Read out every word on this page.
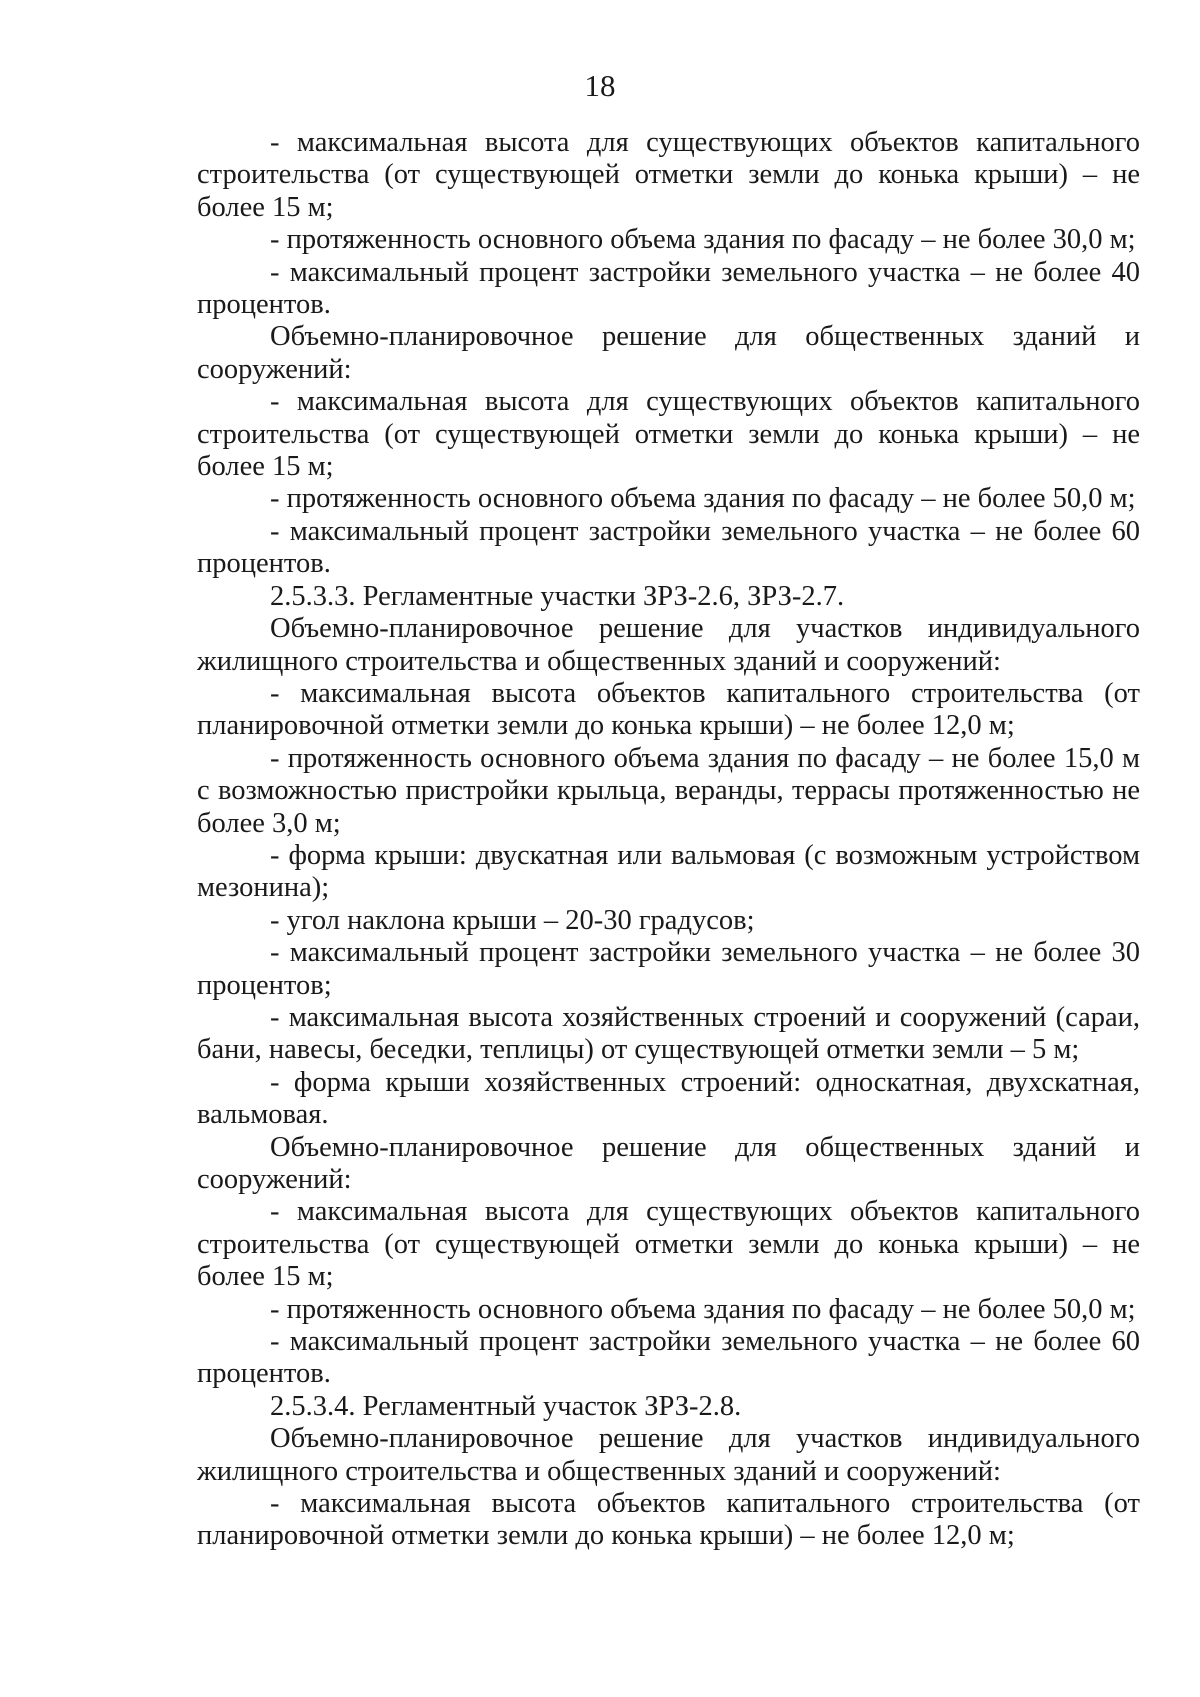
18

- максимальная высота для существующих объектов капитального строительства (от существующей отметки земли до конька крыши) – не более 15 м;

- протяженность основного объема здания по фасаду – не более 30,0 м;

- максимальный процент застройки земельного участка – не более 40 процентов.

Объемно-планировочное решение для общественных зданий и сооружений:

- максимальная высота для существующих объектов капитального строительства (от существующей отметки земли до конька крыши) – не более 15 м;

- протяженность основного объема здания по фасаду – не более 50,0 м;

- максимальный процент застройки земельного участка – не более 60 процентов.

2.5.3.3. Регламентные участки ЗРЗ-2.6, ЗРЗ-2.7.

Объемно-планировочное решение для участков индивидуального жилищного строительства и общественных зданий и сооружений:

- максимальная высота объектов капитального строительства (от планировочной отметки земли до конька крыши) – не более 12,0 м;

- протяженность основного объема здания по фасаду – не более 15,0 м с возможностью пристройки крыльца, веранды, террасы протяженностью не более 3,0 м;

- форма крыши: двускатная или вальмовая (с возможным устройством мезонина);

- угол наклона крыши – 20-30 градусов;

- максимальный процент застройки земельного участка – не более 30 процентов;

- максимальная высота хозяйственных строений и сооружений (сараи, бани, навесы, беседки, теплицы) от существующей отметки земли – 5 м;

- форма крыши хозяйственных строений: односкатная, двухскатная, вальмовая.

Объемно-планировочное решение для общественных зданий и сооружений:

- максимальная высота для существующих объектов капитального строительства (от существующей отметки земли до конька крыши) – не более 15 м;

- протяженность основного объема здания по фасаду – не более 50,0 м;

- максимальный процент застройки земельного участка – не более 60 процентов.

2.5.3.4. Регламентный участок ЗРЗ-2.8.

Объемно-планировочное решение для участков индивидуального жилищного строительства и общественных зданий и сооружений:

- максимальная высота объектов капитального строительства (от планировочной отметки земли до конька крыши) – не более 12,0 м;
